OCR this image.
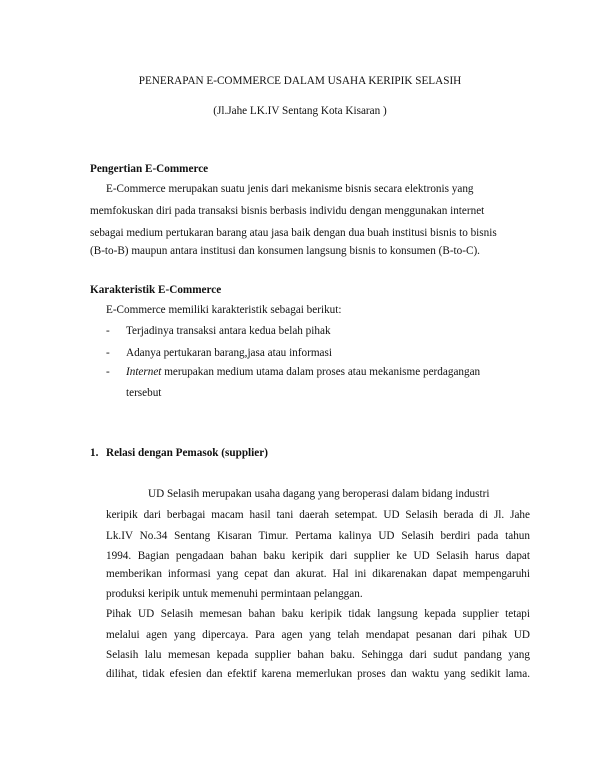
PENERAPAN E-COMMERCE DALAM USAHA KERIPIK SELASIH
(Jl.Jahe LK.IV Sentang Kota Kisaran )
Pengertian E-Commerce
E-Commerce merupakan suatu jenis dari mekanisme bisnis secara elektronis yang
memfokuskan diri pada transaksi bisnis berbasis individu dengan menggunakan internet
sebagai medium pertukaran barang atau jasa baik dengan dua buah institusi bisnis to bisnis
(B-to-B) maupun antara institusi dan konsumen langsung bisnis to konsumen (B-to-C).
Karakteristik E-Commerce
E-Commerce memiliki karakteristik sebagai berikut:
- Terjadinya transaksi antara kedua belah pihak
- Adanya pertukaran barang,jasa atau informasi
- Internet merupakan medium utama dalam proses atau mekanisme perdagangan
tersebut
1. Relasi dengan Pemasok (supplier)
UD Selasih merupakan usaha dagang yang beroperasi dalam bidang industri
keripik dari berbagai macam hasil tani daerah setempat. UD Selasih berada di Jl. Jahe
Lk.IV No.34 Sentang Kisaran Timur. Pertama kalinya UD Selasih berdiri pada tahun
1994. Bagian pengadaan bahan baku keripik dari supplier ke UD Selasih harus dapat
memberikan informasi yang cepat dan akurat. Hal ini dikarenakan dapat mempengaruhi
produksi keripik untuk memenuhi permintaan pelanggan.
Pihak UD Selasih memesan bahan baku keripik tidak langsung kepada supplier tetapi
melalui agen yang dipercaya. Para agen yang telah mendapat pesanan dari pihak UD
Selasih lalu memesan kepada supplier bahan baku. Sehingga dari sudut pandang yang
dilihat, tidak efesien dan efektif karena memerlukan proses dan waktu yang sedikit lama.
